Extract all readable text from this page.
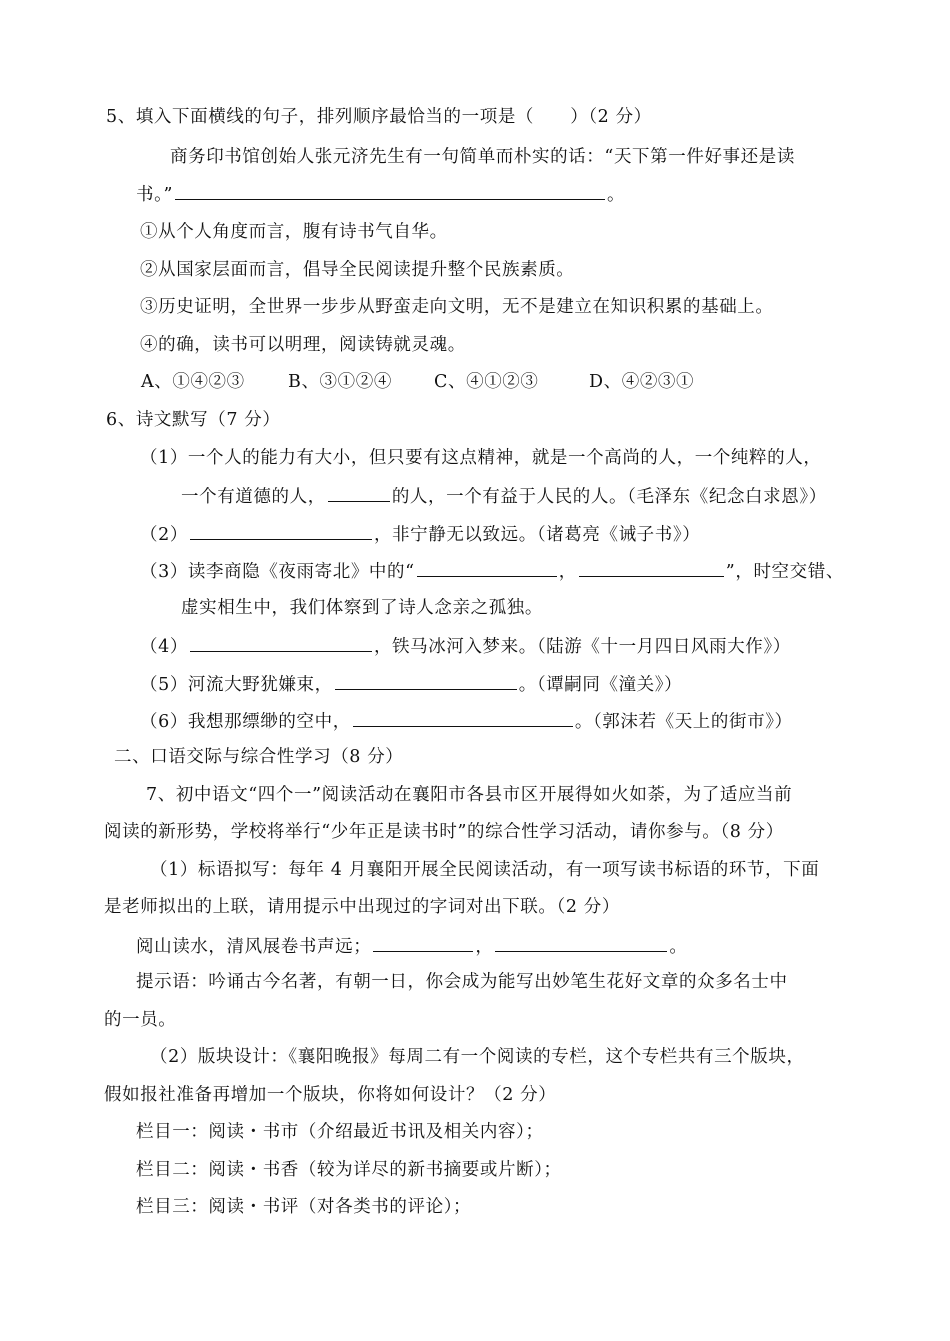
5、填入下面横线的句子，排列顺序最恰当的一项是（　　）（2 分）
商务印书馆创始人张元济先生有一句简单而朴实的话：“天下第一件好事还是读
书。”	。
①从个人角度而言，腹有诗书气自华。
②从国家层面而言，倡导全民阅读提升整个民族素质。
③历史证明，全世界一步步从野蛮走向文明，无不是建立在知识积累的基础上。
④的确，读书可以明理，阅读铸就灵魂。
A、①④②③ B、③①②④ C、④①②③	D、④②③①
6、诗文默写（7 分）
（1）一个人的能力有大小，但只要有这点精神，就是一个高尚的人，一个纯粹的人，
一个有道德的人，	的人，一个有益于人民的人。（毛泽东《纪念白求恩》）
（2）	，非宁静无以致远。（诸葛亮《诫子书》）
（3）读李商隐《夜雨寄北》中的“	，	”，时空交错、
虚实相生中，我们体察到了诗人念亲之孤独。
（4）	，铁马冰河入梦来。（陆游《十一月四日风雨大作》）
（5）河流大野犹嫌束，	。（谭嗣同《潼关》）
（6）我想那缥缈的空中，	。（郭沫若《天上的街市》）
二、口语交际与综合性学习（8 分）
7、初中语文“四个一”阅读活动在襄阳市各县市区开展得如火如荼，为了适应当前
阅读的新形势，学校将举行“少年正是读书时”的综合性学习活动，请你参与。（8 分）
（1）标语拟写：每年 4 月襄阳开展全民阅读活动，有一项写读书标语的环节，下面
是老师拟出的上联，请用提示中出现过的字词对出下联。（2 分）
阅山读水，清风展卷书声远；	，	。
提示语：吟诵古今名著，有朝一日，你会成为能写出妙笔生花好文章的众多名士中
的一员。
（2）版块设计：《襄阳晚报》每周二有一个阅读的专栏，这个专栏共有三个版块，
假如报社准备再增加一个版块，你将如何设计？（2 分）
栏目一：阅读・书市（介绍最近书讯及相关内容）；
栏目二：阅读・书香（较为详尽的新书摘要或片断）；
栏目三：阅读・书评（对各类书的评论）；
